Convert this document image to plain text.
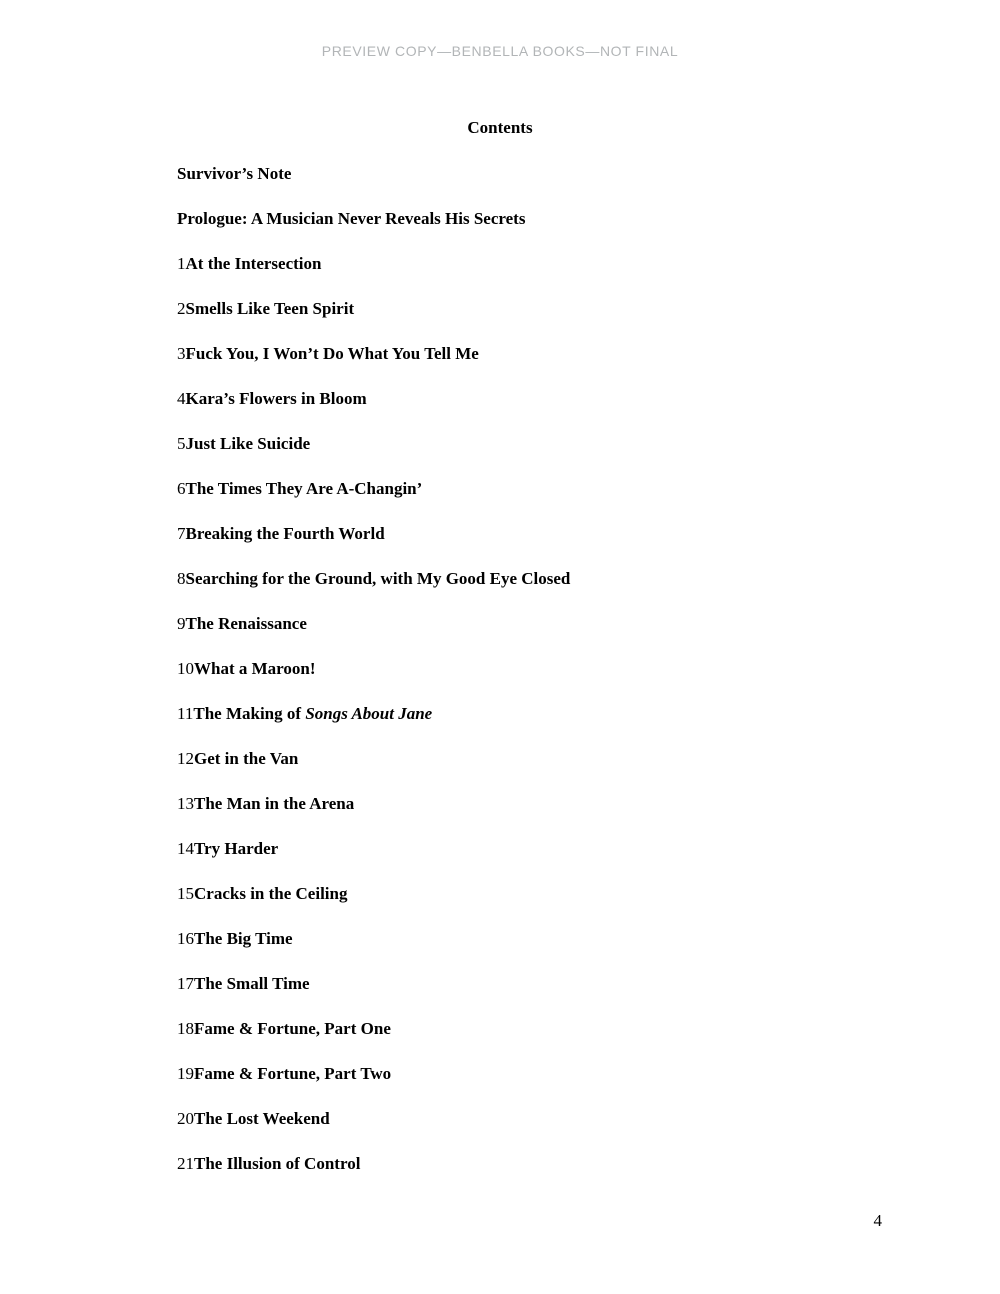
PREVIEW COPY—BENBELLA BOOKS—NOT FINAL
Contents
Survivor’s Note
Prologue: A Musician Never Reveals His Secrets
1At the Intersection
2Smells Like Teen Spirit
3Fuck You, I Won’t Do What You Tell Me
4Kara’s Flowers in Bloom
5Just Like Suicide
6The Times They Are A-Changin’
7Breaking the Fourth World
8Searching for the Ground, with My Good Eye Closed
9The Renaissance
10What a Maroon!
11The Making of Songs About Jane
12Get in the Van
13The Man in the Arena
14Try Harder
15Cracks in the Ceiling
16The Big Time
17The Small Time
18Fame & Fortune, Part One
19Fame & Fortune, Part Two
20The Lost Weekend
21The Illusion of Control
4
